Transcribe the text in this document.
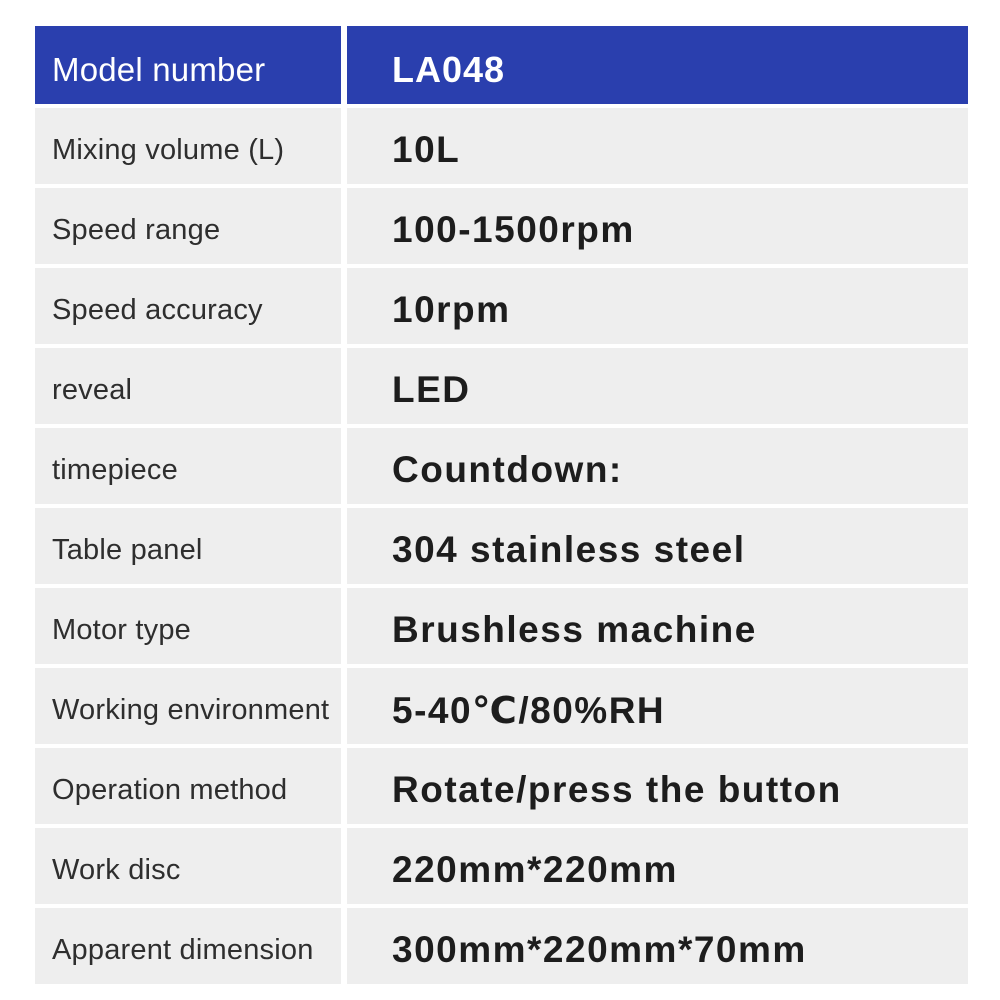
Model number	LA048
Mixing volume (L)	10L
Speed range	100-1500rpm
Speed accuracy	10rpm
reveal	LED
timepiece	Countdown:
Table panel	304 stainless steel
Motor type	Brushless machine
Working environment	5-40℃/80%RH
Operation method	Rotate/press the button
Work disc	220mm*220mm
Apparent dimension	300mm*220mm*70mm
